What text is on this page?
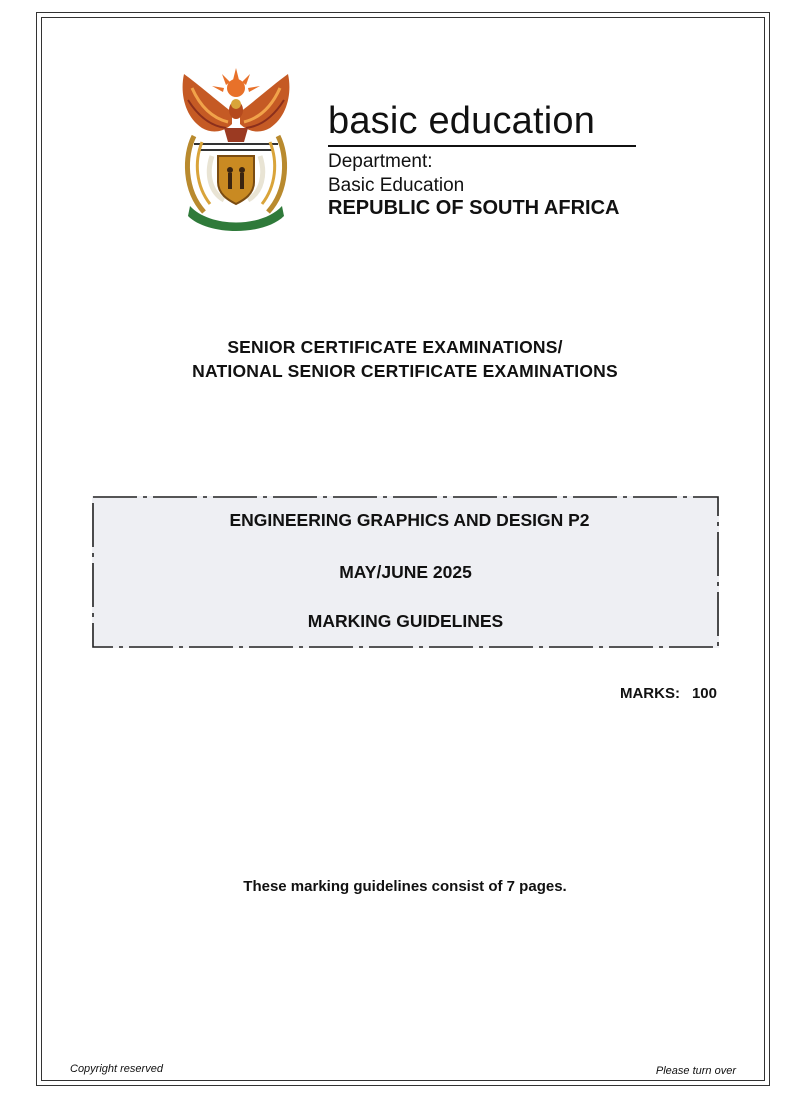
basic education
Department:
Basic Education
REPUBLIC OF SOUTH AFRICA
SENIOR CERTIFICATE EXAMINATIONS/
NATIONAL SENIOR CERTIFICATE EXAMINATIONS
ENGINEERING GRAPHICS AND DESIGN P2
MAY/JUNE 2025
MARKING GUIDELINES
MARKS: 100
These marking guidelines consist of 7 pages.
Copyright reserved	Please turn over
